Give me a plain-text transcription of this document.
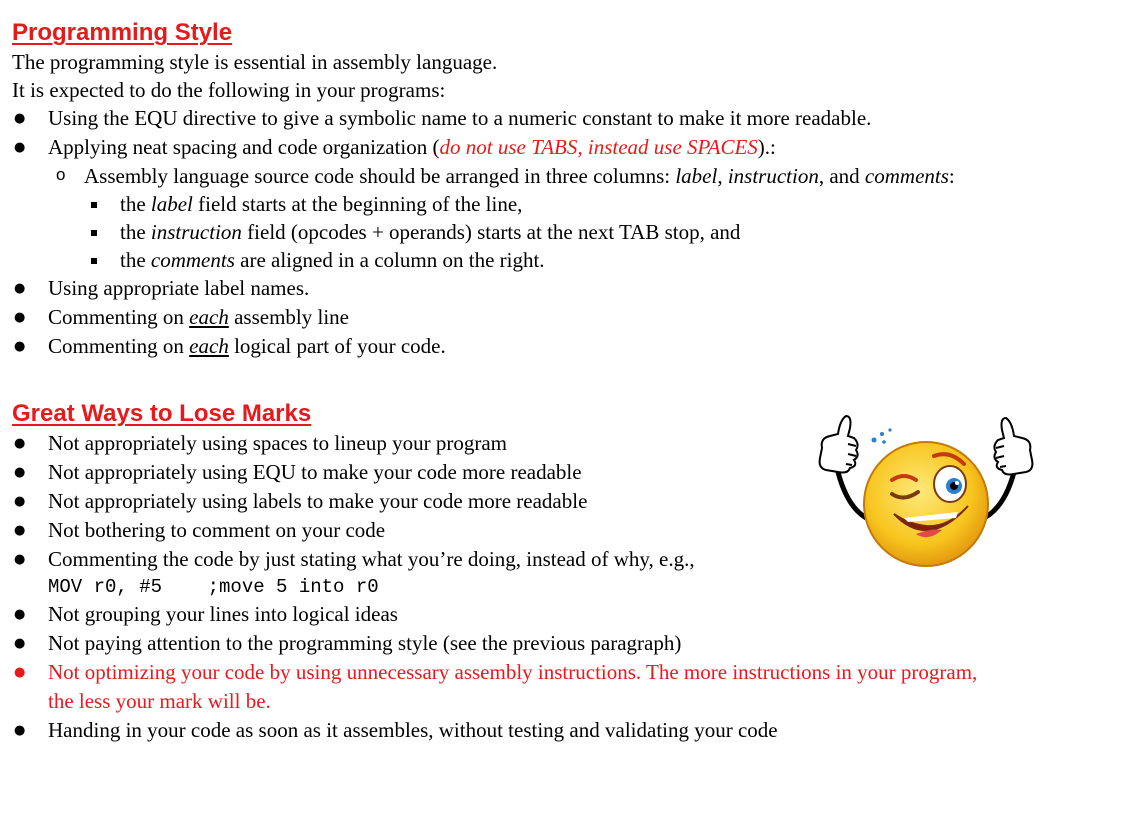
Programming Style

The programming style is essential in assembly language.

It is expected to do the following in your programs:

● Using the EQU directive to give a symbolic name to a numeric constant to make it more readable.
● Applying neat spacing and code organization (do not use TABS, instead use SPACES).:
o Assembly language source code should be arranged in three columns: label, instruction, and comments:
the label field starts at the beginning of the line,
the instruction field (opcodes + operands) starts at the next TAB stop, and
the comments are aligned in a column on the right.
● Using appropriate label names.
● Commenting on each assembly line
● Commenting on each logical part of your code.
Great Ways to Lose Marks
● Not appropriately using spaces to lineup your program
● Not appropriately using EQU to make your code more readable
● Not appropriately using labels to make your code more readable
● Not bothering to comment on your code
● Commenting the code by just stating what you’re doing, instead of why, e.g.,
MOV r0, #5    ;move 5 into r0
● Not grouping your lines into logical ideas
● Not paying attention to the programming style (see the previous paragraph)
● Not optimizing your code by using unnecessary assembly instructions. The more instructions in your program,
the less your mark will be.
● Handing in your code as soon as it assembles, without testing and validating your code
